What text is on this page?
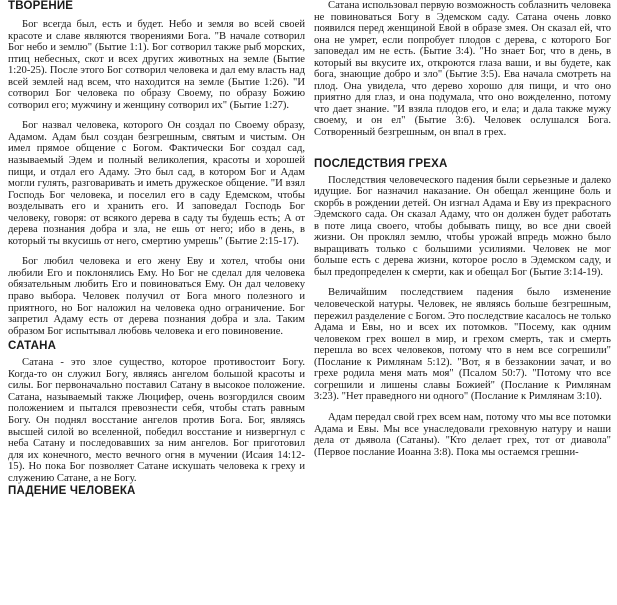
ТВОРЕНИЕ

Бог всегда был, есть и будет. Небо и земля во всей своей красоте и славе являются творениями Бога. "В начале сотворил Бог небо и землю" (Бытие 1:1). Бог сотворил также рыб морских, птиц небесных, скот и всех других животных на земле (Бытие 1:20-25). После этого Бог сотворил человека и дал ему власть над всей землей над всем, что находится на земле (Бытие 1:26). "И сотворил Бог человека по образу Своему, по образу Божию сотворил его; мужчину и женщину сотворил их" (Бытие 1:27).

Бог назвал человека, которого Он создал по Своему образу, Адамом. Адам был создан безгрешным, святым и чистым. Он имел прямое общение с Богом. Фактически Бог создал сад, называемый Эдем и полный великолепия, красоты и хорошей пищи, и отдал его Адаму. Это был сад, в котором Бог и Адам могли гулять, разговаривать и иметь дружеское общение. "И взял Господь Бог человека, и поселил его в саду Едемском, чтобы возделывать его и хранить его. И заповедал Господь Бог человеку, говоря: от всякого дерева в саду ты будешь есть; А от дерева познания добра и зла, не ешь от него; ибо в день, в который ты вкусишь от него, смертию умрешь" (Бытие 2:15-17).

Бог любил человека и его жену Еву и хотел, чтобы они любили Его и поклонялись Ему. Но Бог не сделал для человека обязательным любить Его и повиноваться Ему. Он дал человеку право выбора. Человек получил от Бога много полезного и приятного, но Бог наложил на человека одно ограничение. Бог запретил Адаму есть от дерева познания добра и зла. Таким образом Бог испытывал любовь человека и его повиновение.

САТАНА

Сатана - это злое существо, которое противостоит Богу. Когда-то он служил Богу, являясь ангелом большой красоты и силы. Бог первоначально поставил Сатану в высокое положение. Сатана, называемый также Люцифер, очень возгордился своим положением и пытался превознести себя, чтобы стать равным Богу. Он поднял восстание ангелов против Бога. Бог, являясь высшей силой во вселенной, победил восстание и низвергнул с неба Сатану и последовавших за ним ангелов. Бог приготовил для их конечного, место вечного огня в мучении (Исаия 14:12-15). Но пока Бог позволяет Сатане искушать человека к греху и служению Сатане, а не Богу.

ПАДЕНИЕ ЧЕЛОВЕКА

Сатана использовал первую возможность соблазнить человека не повиноваться Богу в Эдемском саду. Сатана очень ловко появился перед женщиной Евой в образе змея. Он сказал ей, что она не умрет, если попробует плодов с дерева, с которого Бог заповедал им не есть. (Бытие 3:4). "Но знает Бог, что в день, в который вы вкусите их, откроются глаза ваши, и вы будете, как бога, знающие добро и зло" (Бытие 3:5). Ева начала смотреть на плод. Она увидела, что дерево хорошо для пищи, и что оно приятно для глаз, и она подумала, что оно вожделенно, потому что дает знание. "И взяла плодов его, и ела; и дала также мужу своему, и он ел" (Бытие 3:6). Человек ослушался Бога. Сотворенный безгрешным, он впал в грех.

ПОСЛЕДСТВИЯ ГРЕХА

Последствия человеческого падения были серьезные и далеко идущие. Бог назначил наказание. Он обещал женщине боль и скорбь в рождении детей. Он изгнал Адама и Еву из прекрасного Эдемского сада. Он сказал Адаму, что он должен будет работать в поте лица своего, чтобы добывать пищу, во все дни своей жизни. Он проклял землю, чтобы урожай впредь можно было выращивать только с большими усилиями. Человек не мог больше есть с дерева жизни, которое росло в Эдемском саду, и был предопределен к смерти, как и обещал Бог (Бытие 3:14-19).

Величайшим последствием падения было изменение человеческой натуры. Человек, не являясь больше безгрешным, пережил разделение с Богом. Это последствие касалось не только Адама и Евы, но и всех их потомков. "Посему, как одним человеком грех вошел в мир, и грехом смерть, так и смерть перешла во всех человеков, потому что в нем все согрешили" (Послание к Римлянам 5:12). "Вот, я в беззаконии зачат, и во грехе родила меня мать моя" (Псалом 50:7). "Потому что все согрешили и лишены славы Божией" (Послание к Римлянам 3:23). "Нет праведного ни одного" (Послание к Римлянам 3:10).

Адам передал свой грех всем нам, потому что мы все потомки Адама и Евы. Мы все унаследовали греховную натуру и наши дела от дьявола (Сатаны). "Кто делает грех, тот от диавола" (Первое послание Иоанна 3:8). Пока мы остаемся грешни-
